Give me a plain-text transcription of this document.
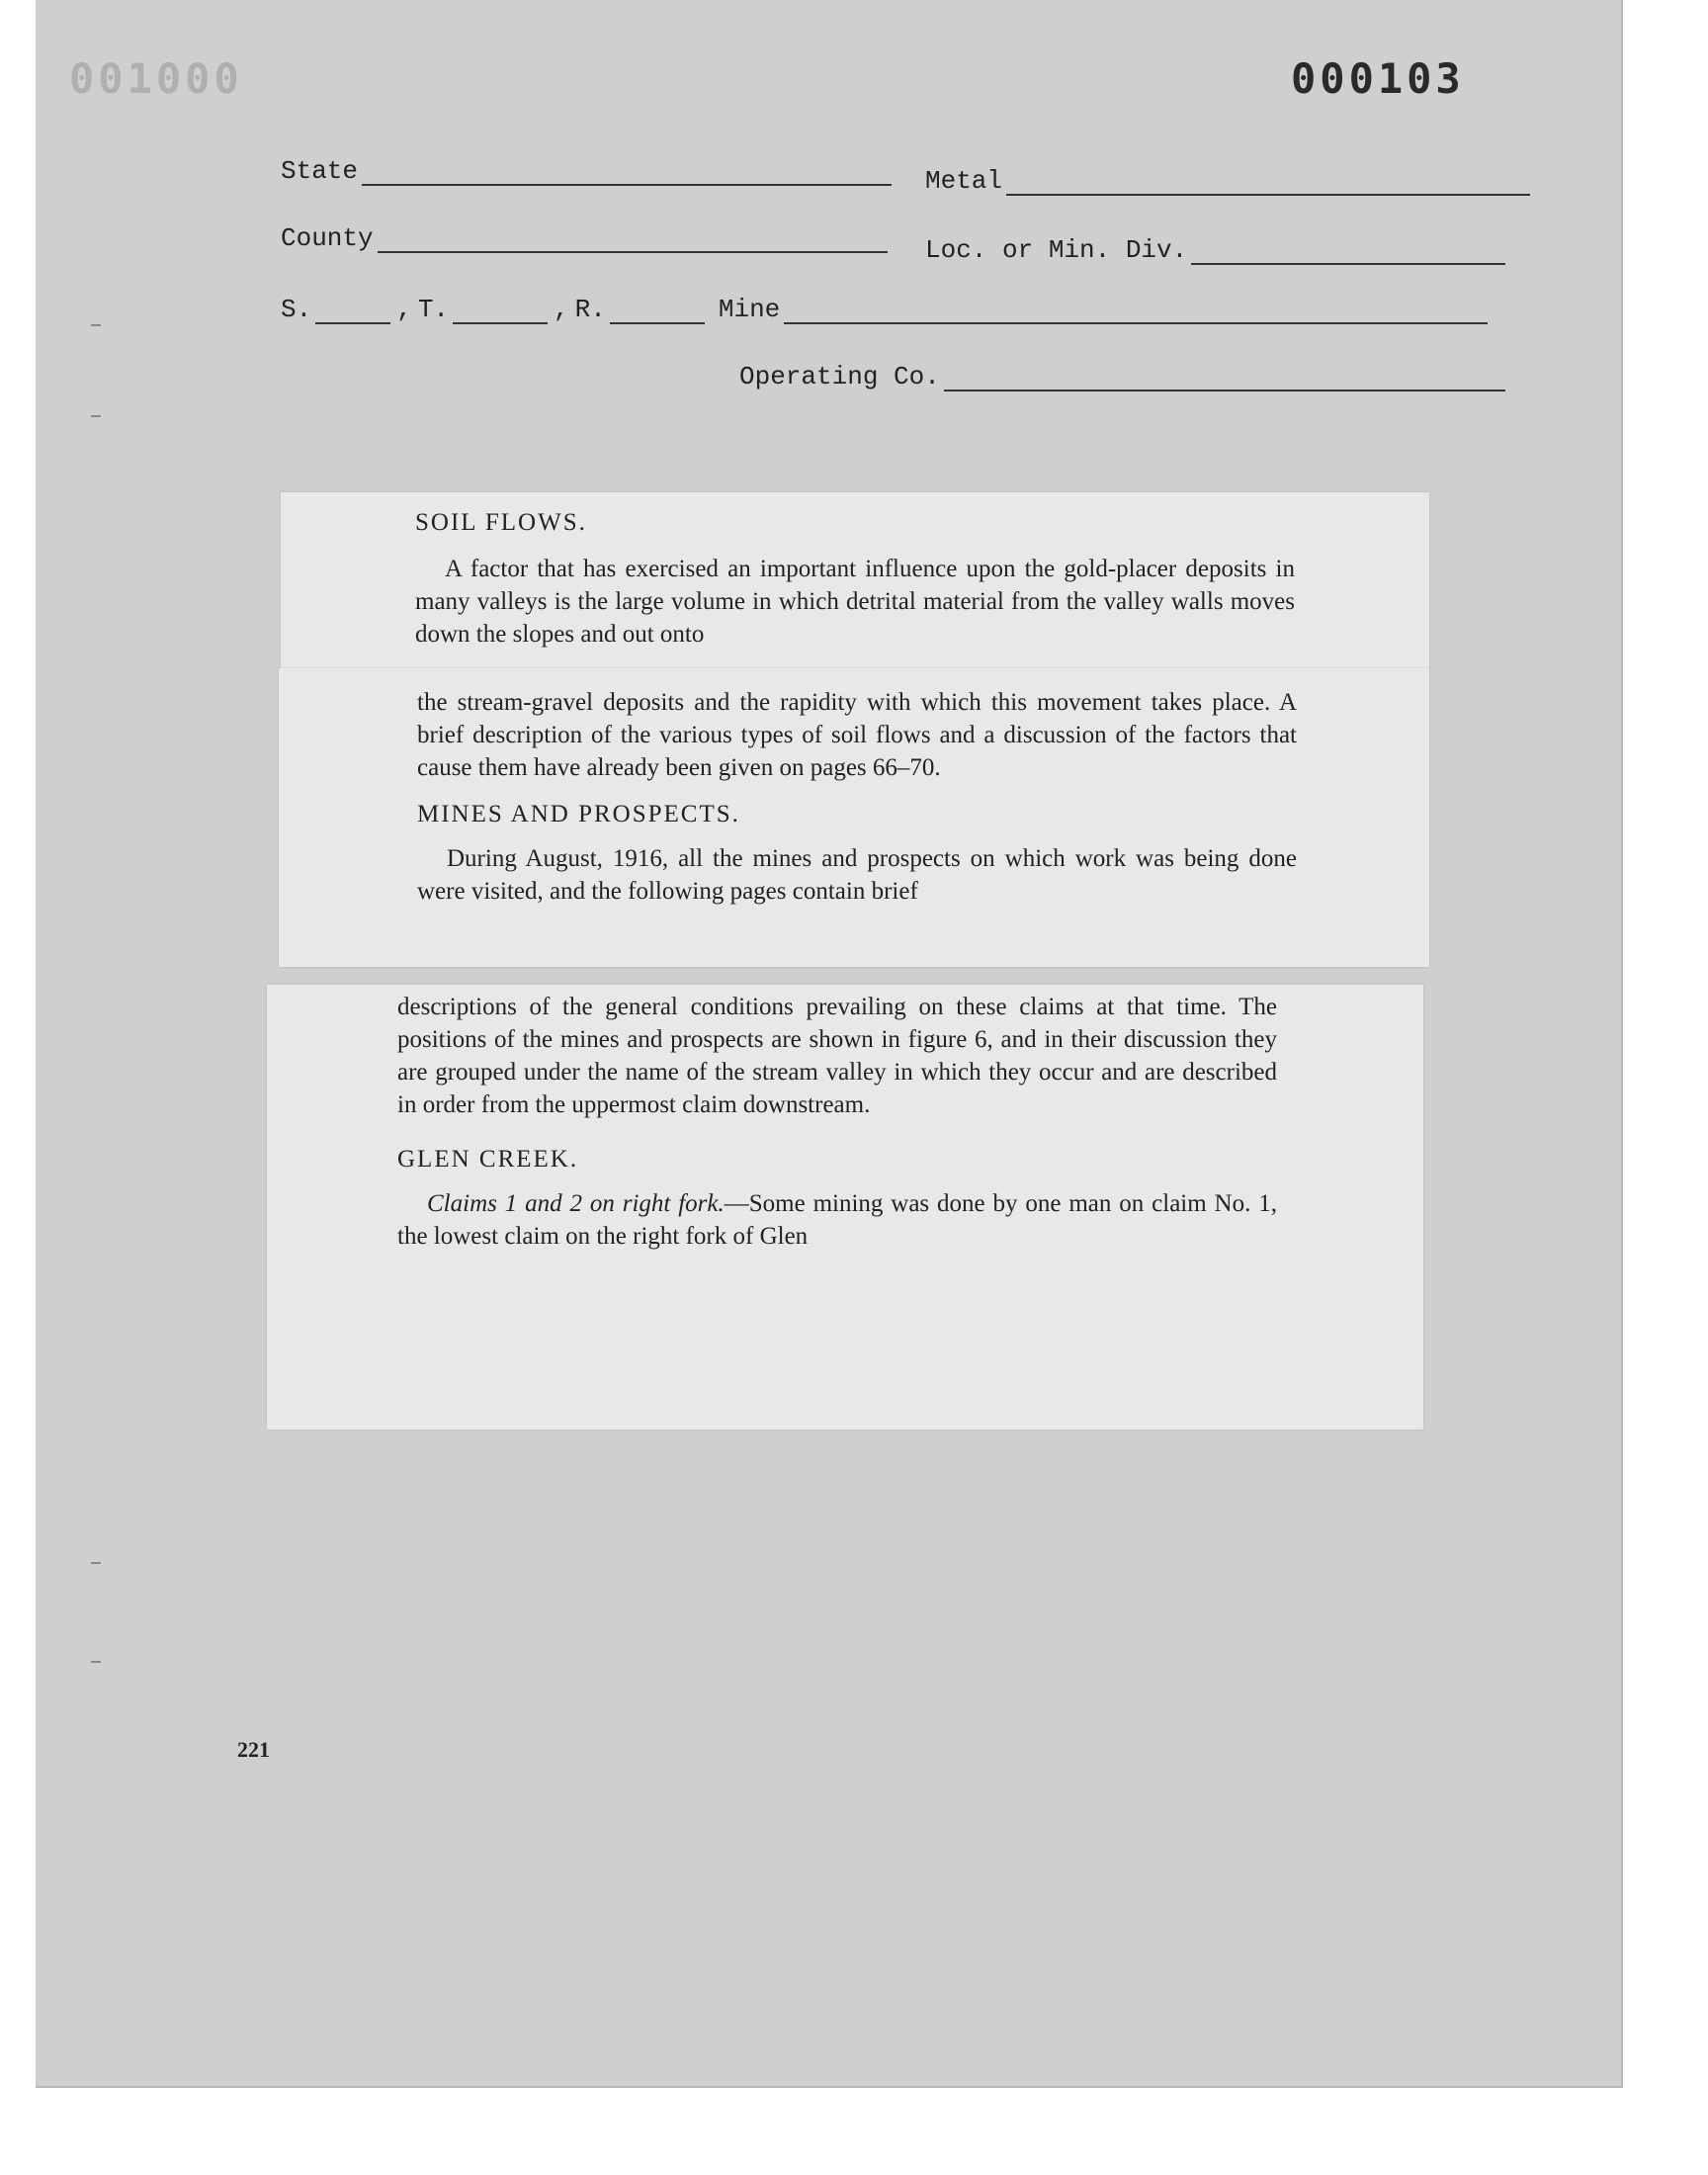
001000	000103
State	Metal
County	Loc. or Min. Div.
S.	, T.	, R.	Mine
Operating Co.

SOIL FLOWS.

A factor that has exercised an important influence upon the gold-placer deposits in many valleys is the large volume in which detrital material from the valley walls moves down the slopes and out onto

the stream-gravel deposits and the rapidity with which this movement takes place. A brief description of the various types of soil flows and a discussion of the factors that cause them have already been given on pages 66–70.

MINES AND PROSPECTS.

During August, 1916, all the mines and prospects on which work was being done were visited, and the following pages contain brief

descriptions of the general conditions prevailing on these claims at that time. The positions of the mines and prospects are shown in figure 6, and in their discussion they are grouped under the name of the stream valley in which they occur and are described in order from the uppermost claim downstream.

GLEN CREEK.

Claims 1 and 2 on right fork.—Some mining was done by one man on claim No. 1, the lowest claim on the right fork of Glen

221
